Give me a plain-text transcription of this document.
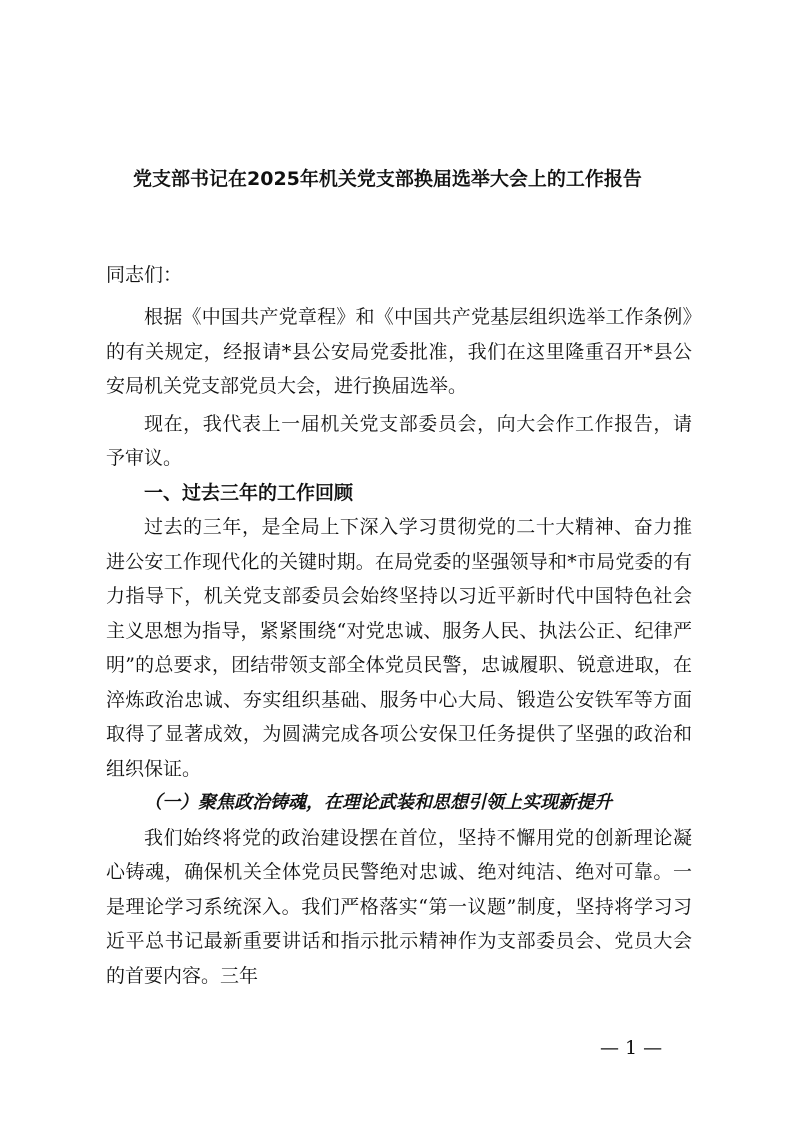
党支部书记在2025年机关党支部换届选举大会上的工作报告
同志们：

根据《中国共产党章程》和《中国共产党基层组织选举工作条例》的有关规定，经报请*县公安局党委批准，我们在这里隆重召开*县公安局机关党支部党员大会，进行换届选举。

现在，我代表上一届机关党支部委员会，向大会作工作报告，请予审议。

一、过去三年的工作回顾

过去的三年，是全局上下深入学习贯彻党的二十大精神、奋力推进公安工作现代化的关键时期。在局党委的坚强领导和*市局党委的有力指导下，机关党支部委员会始终坚持以习近平新时代中国特色社会主义思想为指导，紧紧围绕“对党忠诚、服务人民、执法公正、纪律严明”的总要求，团结带领支部全体党员民警，忠诚履职、锐意进取，在淬炼政治忠诚、夯实组织基础、服务中心大局、锻造公安铁军等方面取得了显著成效，为圆满完成各项公安保卫任务提供了坚强的政治和组织保证。

（一）聚焦政治铸魂，在理论武装和思想引领上实现新提升

我们始终将党的政治建设摆在首位，坚持不懈用党的创新理论凝心铸魂，确保机关全体党员民警绝对忠诚、绝对纯洁、绝对可靠。一是理论学习系统深入。我们严格落实“第一议题”制度，坚持将学习习近平总书记最新重要讲话和指示批示精神作为支部委员会、党员大会的首要内容。三年

— 1 —
